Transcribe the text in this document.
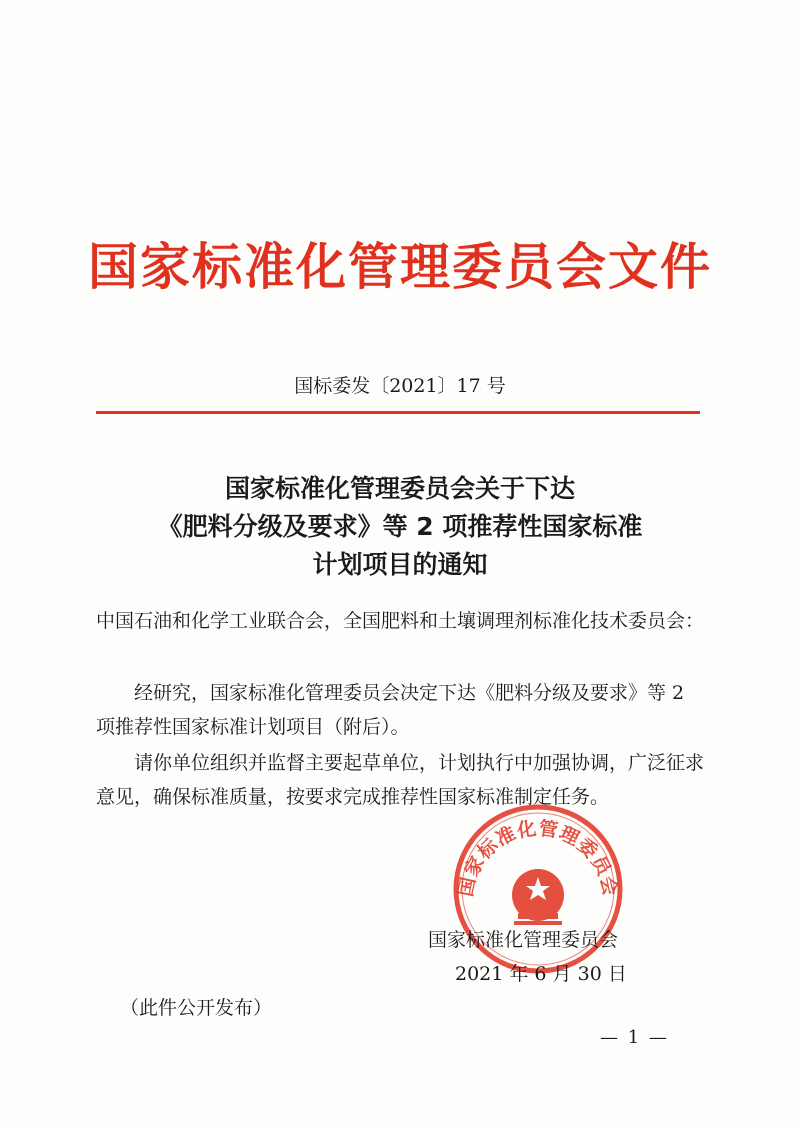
国家标准化管理委员会文件
国标委发〔2021〕17 号
国家标准化管理委员会关于下达
《肥料分级及要求》等 2 项推荐性国家标准
计划项目的通知
中国石油和化学工业联合会，全国肥料和土壤调理剂标准化技术委员会：
经研究，国家标准化管理委员会决定下达《肥料分级及要求》等 2 项推荐性国家标准计划项目（附后）。
请你单位组织并监督主要起草单位，计划执行中加强协调，广泛征求意见，确保标准质量，按要求完成推荐性国家标准制定任务。
国家标准化管理委员会
国家标准化管理委员会
2021 年 6 月 30 日
（此件公开发布）
— 1 —
